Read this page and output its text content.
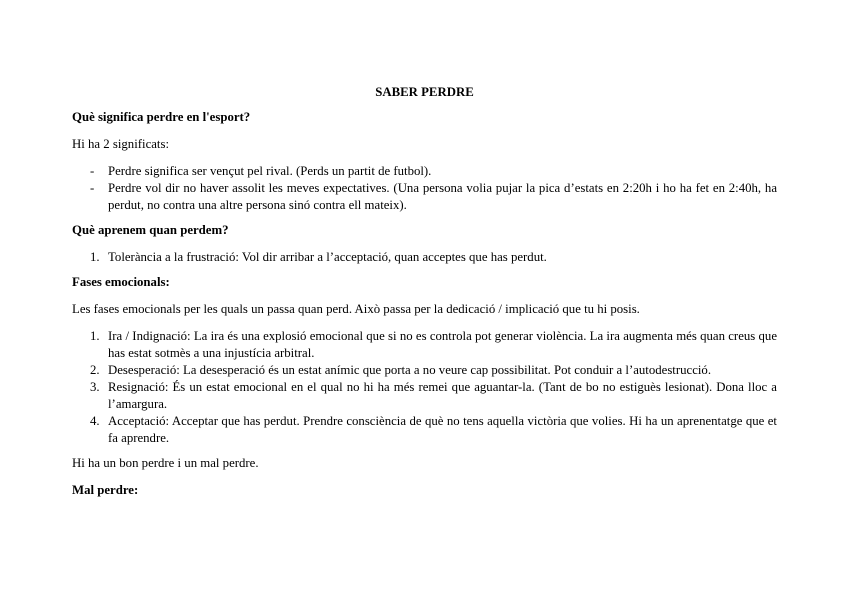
SABER PERDRE
Què significa perdre en l'esport?
Hi ha 2 significats:
- Perdre significa ser vençut pel rival. (Perds un partit de futbol).
- Perdre vol dir no haver assolit les meves expectatives. (Una persona volia pujar la pica d’estats en 2:20h i ho ha fet en 2:40h, ha perdut, no contra una altre persona sinó contra ell mateix).
Què aprenem quan perdem?
1 . Tolerància a la frustració: Vol dir arribar a l’acceptació, quan acceptes que has perdut.
Fases emocionals:
Les fases emocionals per les quals un passa quan perd. Això passa per la dedicació / implicació que tu hi posis.
1 . Ira / Indignació: La ira és una explosió emocional que si no es controla pot generar violència. La ira augmenta més quan creus que has estat sotmès a una injustícia arbitral.
2 . Desesperació: La desesperació és un estat anímic que porta a no veure cap possibilitat. Pot conduir a l’autodestrucció.
3 . Resignació: És un estat emocional en el qual no hi ha més remei que aguantar-la. (Tant de bo no estiguès lesionat). Dona lloc a l’amargura.
4 . Acceptació: Acceptar que has perdut. Prendre consciència de què no tens aquella victòria que volies. Hi ha un aprenentatge que et fa aprendre.
Hi ha un bon perdre i un mal perdre.
Mal perdre:
